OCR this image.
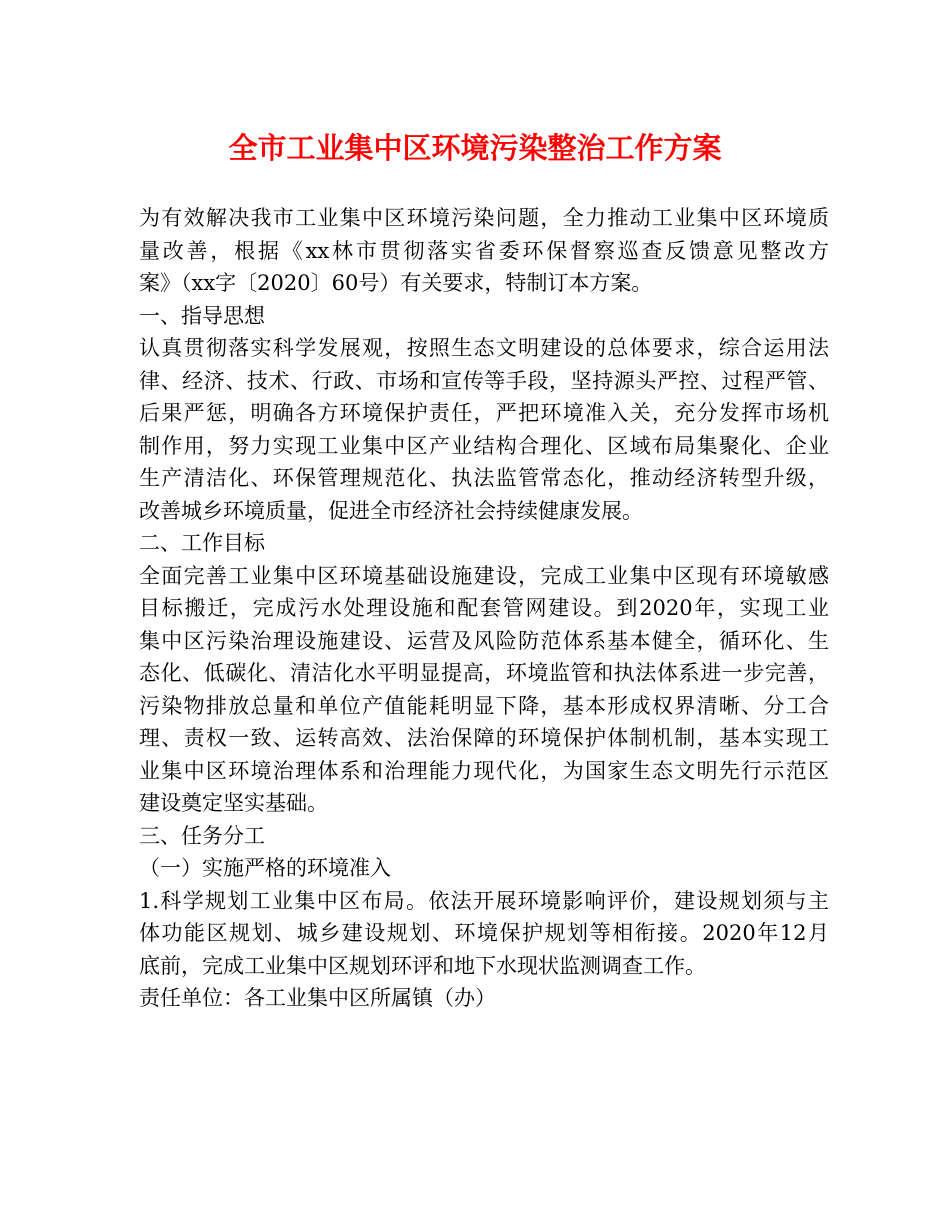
全市工业集中区环境污染整治工作方案
为有效解决我市工业集中区环境污染问题，全力推动工业集中区环境质
量改善，根据《xx林市贯彻落实省委环保督察巡查反馈意见整改方
案》（xx字〔2020〕60号）有关要求，特制订本方案。
一、指导思想
认真贯彻落实科学发展观，按照生态文明建设的总体要求，综合运用法
律、经济、技术、行政、市场和宣传等手段，坚持源头严控、过程严管、
后果严惩，明确各方环境保护责任，严把环境准入关，充分发挥市场机
制作用，努力实现工业集中区产业结构合理化、区域布局集聚化、企业
生产清洁化、环保管理规范化、执法监管常态化，推动经济转型升级，
改善城乡环境质量，促进全市经济社会持续健康发展。
二、工作目标
全面完善工业集中区环境基础设施建设，完成工业集中区现有环境敏感
目标搬迁，完成污水处理设施和配套管网建设。到2020年，实现工业
集中区污染治理设施建设、运营及风险防范体系基本健全，循环化、生
态化、低碳化、清洁化水平明显提高，环境监管和执法体系进一步完善，
污染物排放总量和单位产值能耗明显下降，基本形成权界清晰、分工合
理、责权一致、运转高效、法治保障的环境保护体制机制，基本实现工
业集中区环境治理体系和治理能力现代化，为国家生态文明先行示范区
建设奠定坚实基础。
三、任务分工
（一）实施严格的环境准入
1.科学规划工业集中区布局。依法开展环境影响评价，建设规划须与主
体功能区规划、城乡建设规划、环境保护规划等相衔接。2020年12月
底前，完成工业集中区规划环评和地下水现状监测调查工作。
责任单位：各工业集中区所属镇（办）
